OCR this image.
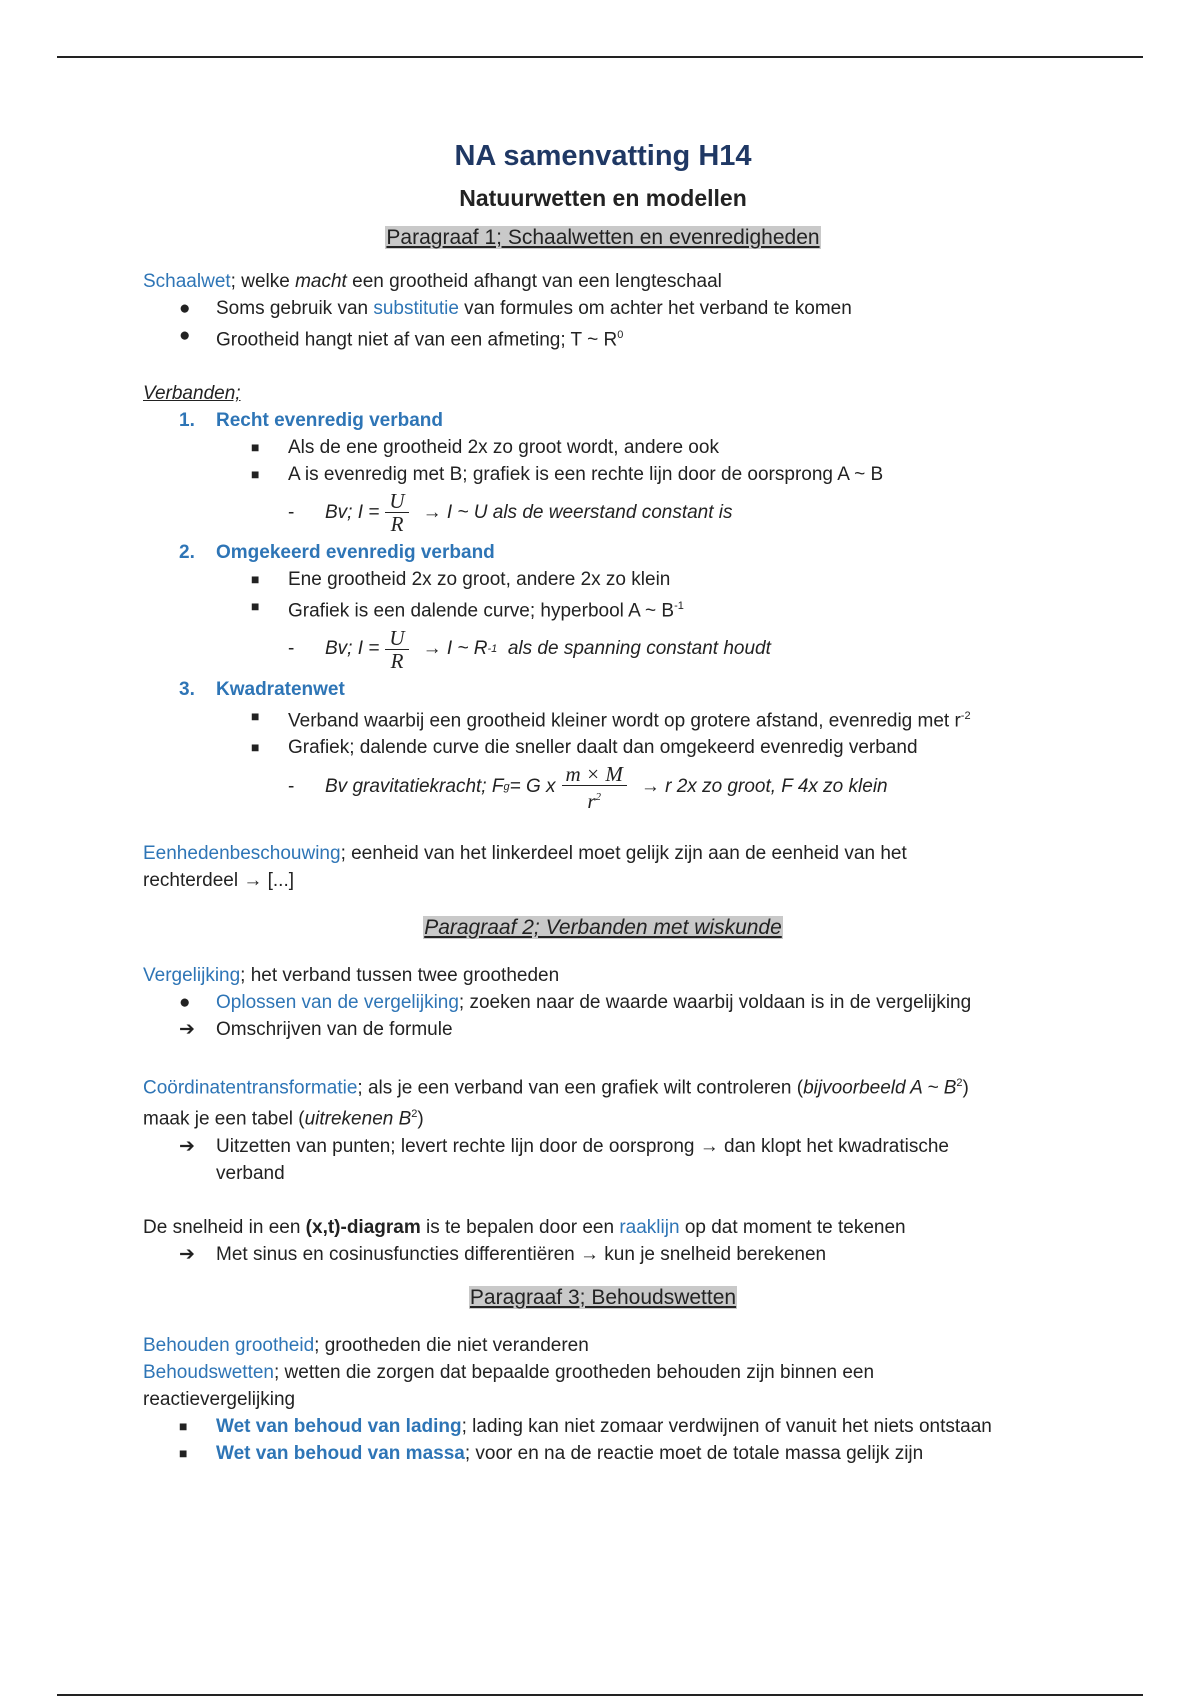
NA samenvatting H14
Natuurwetten en modellen
Paragraaf 1; Schaalwetten en evenredigheden

Schaalwet; welke macht een grootheid afhangt van een lengteschaal

● Soms gebruik van substitutie van formules om achter het verband te komen
● Grootheid hangt niet af van een afmeting; T ~ $R^0$

Verbanden;

1. Recht evenredig verband
■ Als de ene grootheid 2x zo groot wordt, andere ook
■ A is evenredig met B; grafiek is een rechte lijn door de oorsprong A ~ B
- Bv; $I = \frac{U}{R} \to I$ ~ U als de weerstand constant is
2. Omgekeerd evenredig verband
■ Ene grootheid 2x zo groot, andere 2x zo klein
■ Grafiek is een dalende curve; hyperbool A ~ $B^{-1}$
- Bv; $I = \frac{U}{R} \to I$ ~ R -1 als de spanning constant houdt
3. Kwadratenwet
■ Verband waarbij een grootheid kleiner wordt op grotere afstand, evenredig met $r^{-2}$
■ Grafiek; dalende curve die sneller daalt dan omgekeerd evenredig verband
- Bv gravitatiekracht; F g = G x $\frac{m \times M}{r^2} \to r$ 2x zo groot, F 4x zo klein

Eenhedenbeschouwing; eenheid van het linkerdeel moet gelijk zijn aan de eenheid van het

rechterdeel → [...]

Paragraaf 2; Verbanden met wiskunde

Vergelijking; het verband tussen twee grootheden

● Oplossen van de vergelijking; zoeken naar de waarde waarbij voldaan is in de vergelijking
➔ Omschrijven van de formule

Coördinatentransformatie; als je een verband van een grafiek wilt controleren (bijvoorbeeld A ~ $B^2$)

maak je een tabel (uitrekenen $B^2$)

➔ Uitzetten van punten; levert rechte lijn door de oorsprong → dan klopt het kwadratische
verband

De snelheid in een (x,t)-diagram is te bepalen door een raaklijn op dat moment te tekenen

➔ Met sinus en cosinusfuncties differentiëren → kun je snelheid berekenen
Paragraaf 3; Behoudswetten

Behouden grootheid; grootheden die niet veranderen

Behoudswetten; wetten die zorgen dat bepaalde grootheden behouden zijn binnen een

reactievergelijking

■ Wet van behoud van lading; lading kan niet zomaar verdwijnen of vanuit het niets ontstaan
■ Wet van behoud van massa; voor en na de reactie moet de totale massa gelijk zijn
